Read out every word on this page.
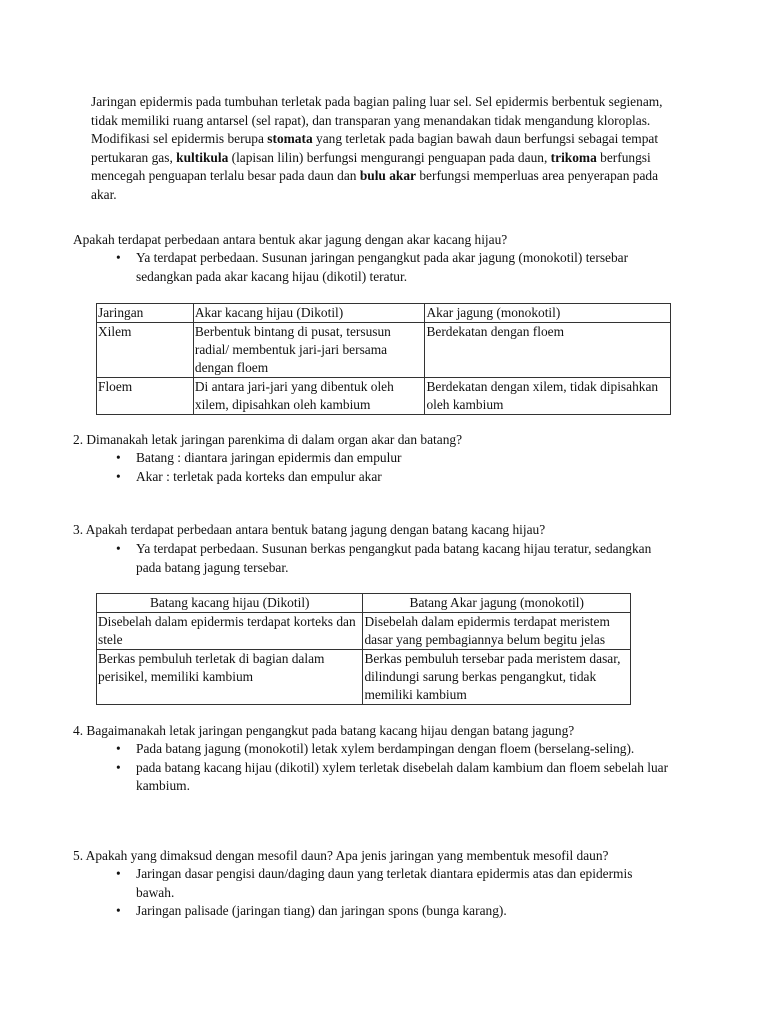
Jaringan epidermis pada tumbuhan terletak pada bagian paling luar sel. Sel epidermis berbentuk segienam, tidak memiliki ruang antarsel (sel rapat), dan transparan yang menandakan tidak mengandung kloroplas. Modifikasi sel epidermis berupa stomata yang terletak pada bagian bawah daun berfungsi sebagai tempat pertukaran gas, kultikula (lapisan lilin) berfungsi mengurangi penguapan pada daun, trikoma berfungsi mencegah penguapan terlalu besar pada daun dan bulu akar berfungsi memperluas area penyerapan pada akar.

Apakah terdapat perbedaan antara bentuk akar jagung dengan akar kacang hijau?
• Ya terdapat perbedaan. Susunan jaringan pengangkut pada akar jagung (monokotil) tersebar sedangkan pada akar kacang hijau (dikotil) teratur.
Jaringan	Akar kacang hijau (Dikotil)	Akar jagung (monokotil)
Xilem	Berbentuk bintang di pusat, tersusun radial/ membentuk jari-jari bersama dengan floem	Berdekatan dengan floem
Floem	Di antara jari-jari yang dibentuk oleh xilem, dipisahkan oleh kambium	Berdekatan dengan xilem, tidak dipisahkan oleh kambium
2. Dimanakah letak jaringan parenkima di dalam organ akar dan batang?
• Batang : diantara jaringan epidermis dan empulur
• Akar : terletak pada korteks dan empulur akar
3. Apakah terdapat perbedaan antara bentuk batang jagung dengan batang kacang hijau?
• Ya terdapat perbedaan. Susunan berkas pengangkut pada batang kacang hijau teratur, sedangkan pada batang jagung tersebar.
Batang kacang hijau (Dikotil)	Batang Akar jagung (monokotil)
Disebelah dalam epidermis terdapat korteks dan stele	Disebelah dalam epidermis terdapat meristem dasar yang pembagiannya belum begitu jelas
Berkas pembuluh terletak di bagian dalam perisikel, memiliki kambium	Berkas pembuluh tersebar pada meristem dasar, dilindungi sarung berkas pengangkut, tidak memiliki kambium
4. Bagaimanakah letak jaringan pengangkut pada batang kacang hijau dengan batang jagung?
• Pada batang jagung (monokotil) letak xylem berdampingan dengan floem (berselang-seling).
• pada batang kacang hijau (dikotil) xylem terletak disebelah dalam kambium dan floem sebelah luar kambium.
5. Apakah yang dimaksud dengan mesofil daun? Apa jenis jaringan yang membentuk mesofil daun?
• Jaringan dasar pengisi daun/daging daun yang terletak diantara epidermis atas dan epidermis bawah.
• Jaringan palisade (jaringan tiang) dan jaringan spons (bunga karang).
